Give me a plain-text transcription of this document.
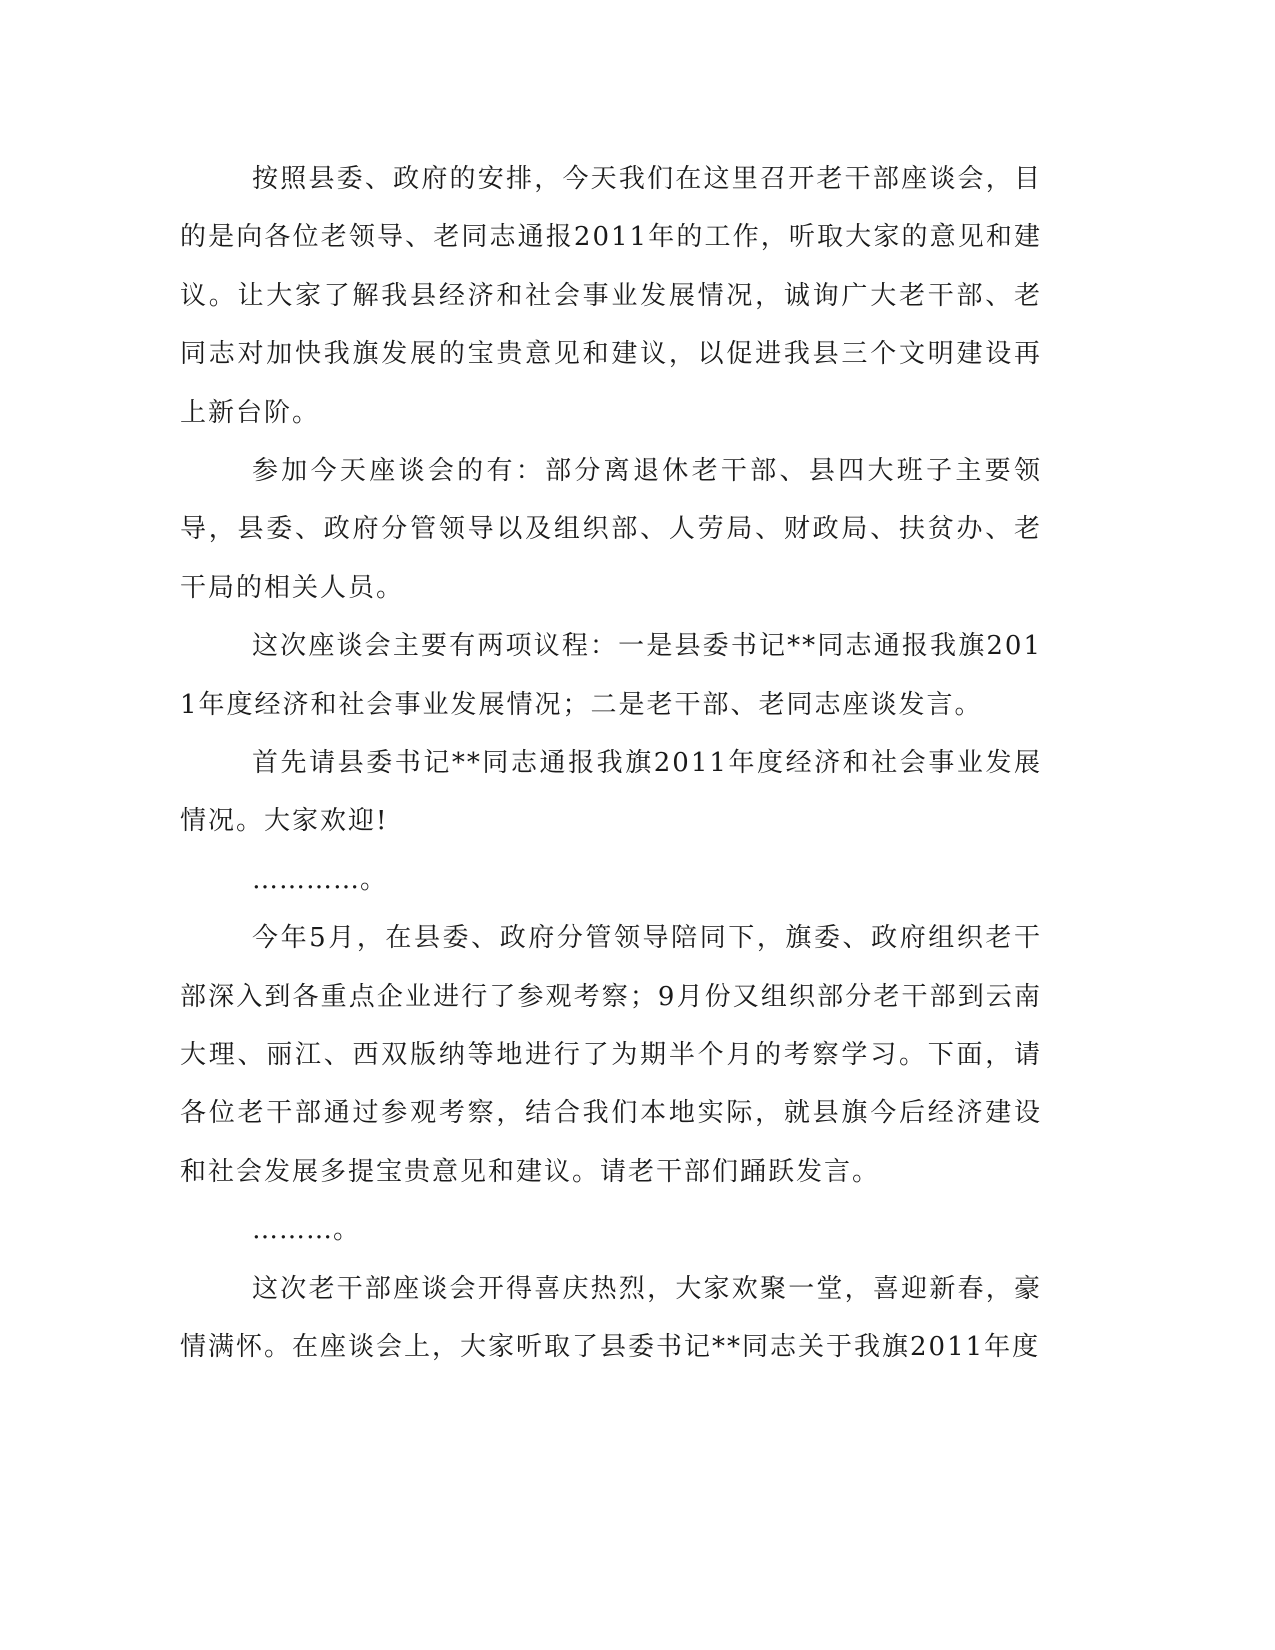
按照县委、政府的安排，今天我们在这里召开老干部座谈会，目的是向各位老领导、老同志通报2011年的工作，听取大家的意见和建议。让大家了解我县经济和社会事业发展情况，诚询广大老干部、老同志对加快我旗发展的宝贵意见和建议，以促进我县三个文明建设再上新台阶。

参加今天座谈会的有：部分离退休老干部、县四大班子主要领导，县委、政府分管领导以及组织部、人劳局、财政局、扶贫办、老干局的相关人员。

这次座谈会主要有两项议程：一是县委书记**同志通报我旗2011年度经济和社会事业发展情况；二是老干部、老同志座谈发言。

首先请县委书记**同志通报我旗2011年度经济和社会事业发展情况。大家欢迎!

…………。

今年5月，在县委、政府分管领导陪同下，旗委、政府组织老干部深入到各重点企业进行了参观考察；9月份又组织部分老干部到云南大理、丽江、西双版纳等地进行了为期半个月的考察学习。下面，请各位老干部通过参观考察，结合我们本地实际，就县旗今后经济建设和社会发展多提宝贵意见和建议。请老干部们踊跃发言。

………。

这次老干部座谈会开得喜庆热烈，大家欢聚一堂，喜迎新春，豪情满怀。在座谈会上，大家听取了县委书记**同志关于我旗2011年度
